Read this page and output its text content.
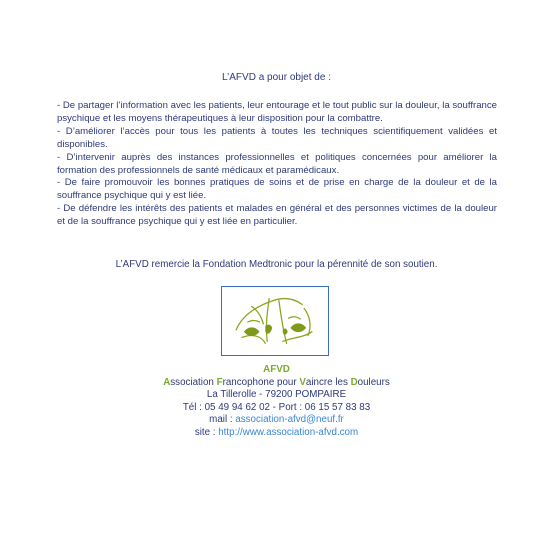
L’AFVD a pour objet de :

- De partager l’information avec les patients, leur entourage et le tout public sur la douleur, la souffrance psychique et les moyens thérapeutiques à leur disposition pour la combattre.

- D’améliorer l’accès pour tous les patients à toutes les techniques scientifiquement validées et disponibles.

- D’intervenir auprès des instances professionnelles et politiques concernées pour améliorer la formation des professionnels de santé médicaux et paramédicaux.

- De faire promouvoir les bonnes pratiques de soins et de prise en charge de la douleur et de la souffrance psychique qui y est liée.

- De défendre les intérêts des patients et malades en général et des personnes victimes de la douleur et de la souffrance psychique qui y est liée en particulier.

L’AFVD remercie la Fondation Medtronic pour la pérennité de son soutien.
AFVD
Association Francophone pour Vaincre les Douleurs
La Tillerolle - 79200 POMPAIRE
Tél : 05 49 94 62 02 - Port : 06 15 57 83 83
mail : association-afvd@neuf.fr
site : http://www.association-afvd.com
